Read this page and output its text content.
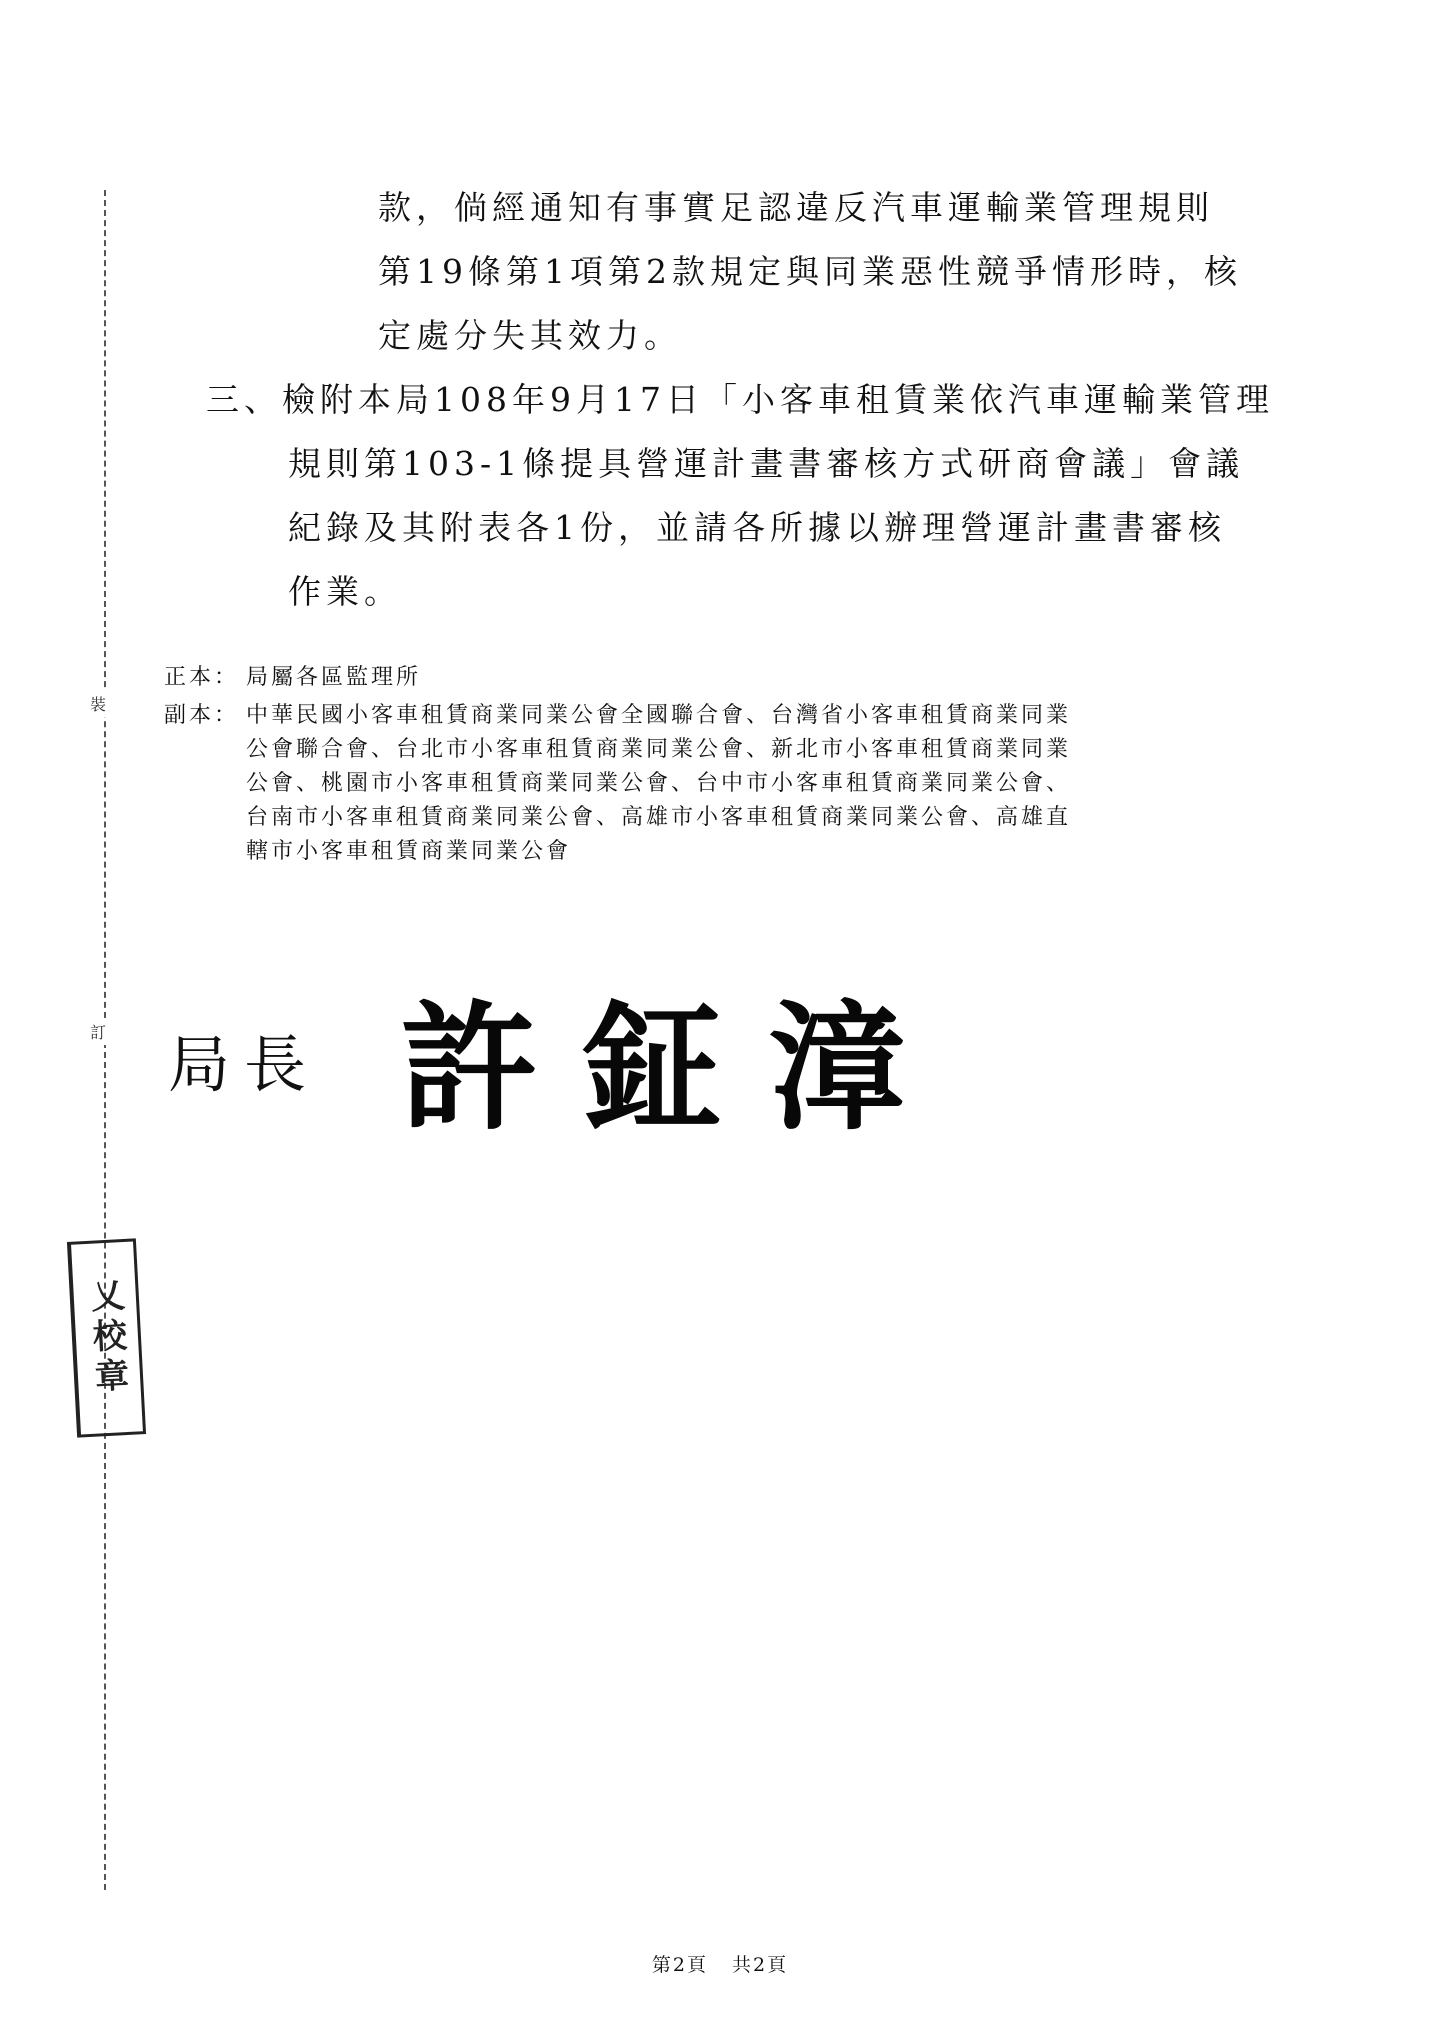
裝
訂
乂校章

款，倘經通知有事實足認違反汽車運輸業管理規則

第19條第1項第2款規定與同業惡性競爭情形時，核

定處分失其效力。

三、檢附本局108年9月17日「小客車租賃業依汽車運輸業管理

規則第103-1條提具營運計畫書審核方式研商會議」會議

紀錄及其附表各1份，並請各所據以辦理營運計畫書審核

作業。

正本： 局屬各區監理所

副本： 中華民國小客車租賃商業同業公會全國聯合會、台灣省小客車租賃商業同業

公會聯合會、台北市小客車租賃商業同業公會、新北市小客車租賃商業同業

公會、桃園市小客車租賃商業同業公會、台中市小客車租賃商業同業公會、

台南市小客車租賃商業同業公會、高雄市小客車租賃商業同業公會、高雄直

轄市小客車租賃商業同業公會

局長 許鉦漳
第2頁 共2頁
